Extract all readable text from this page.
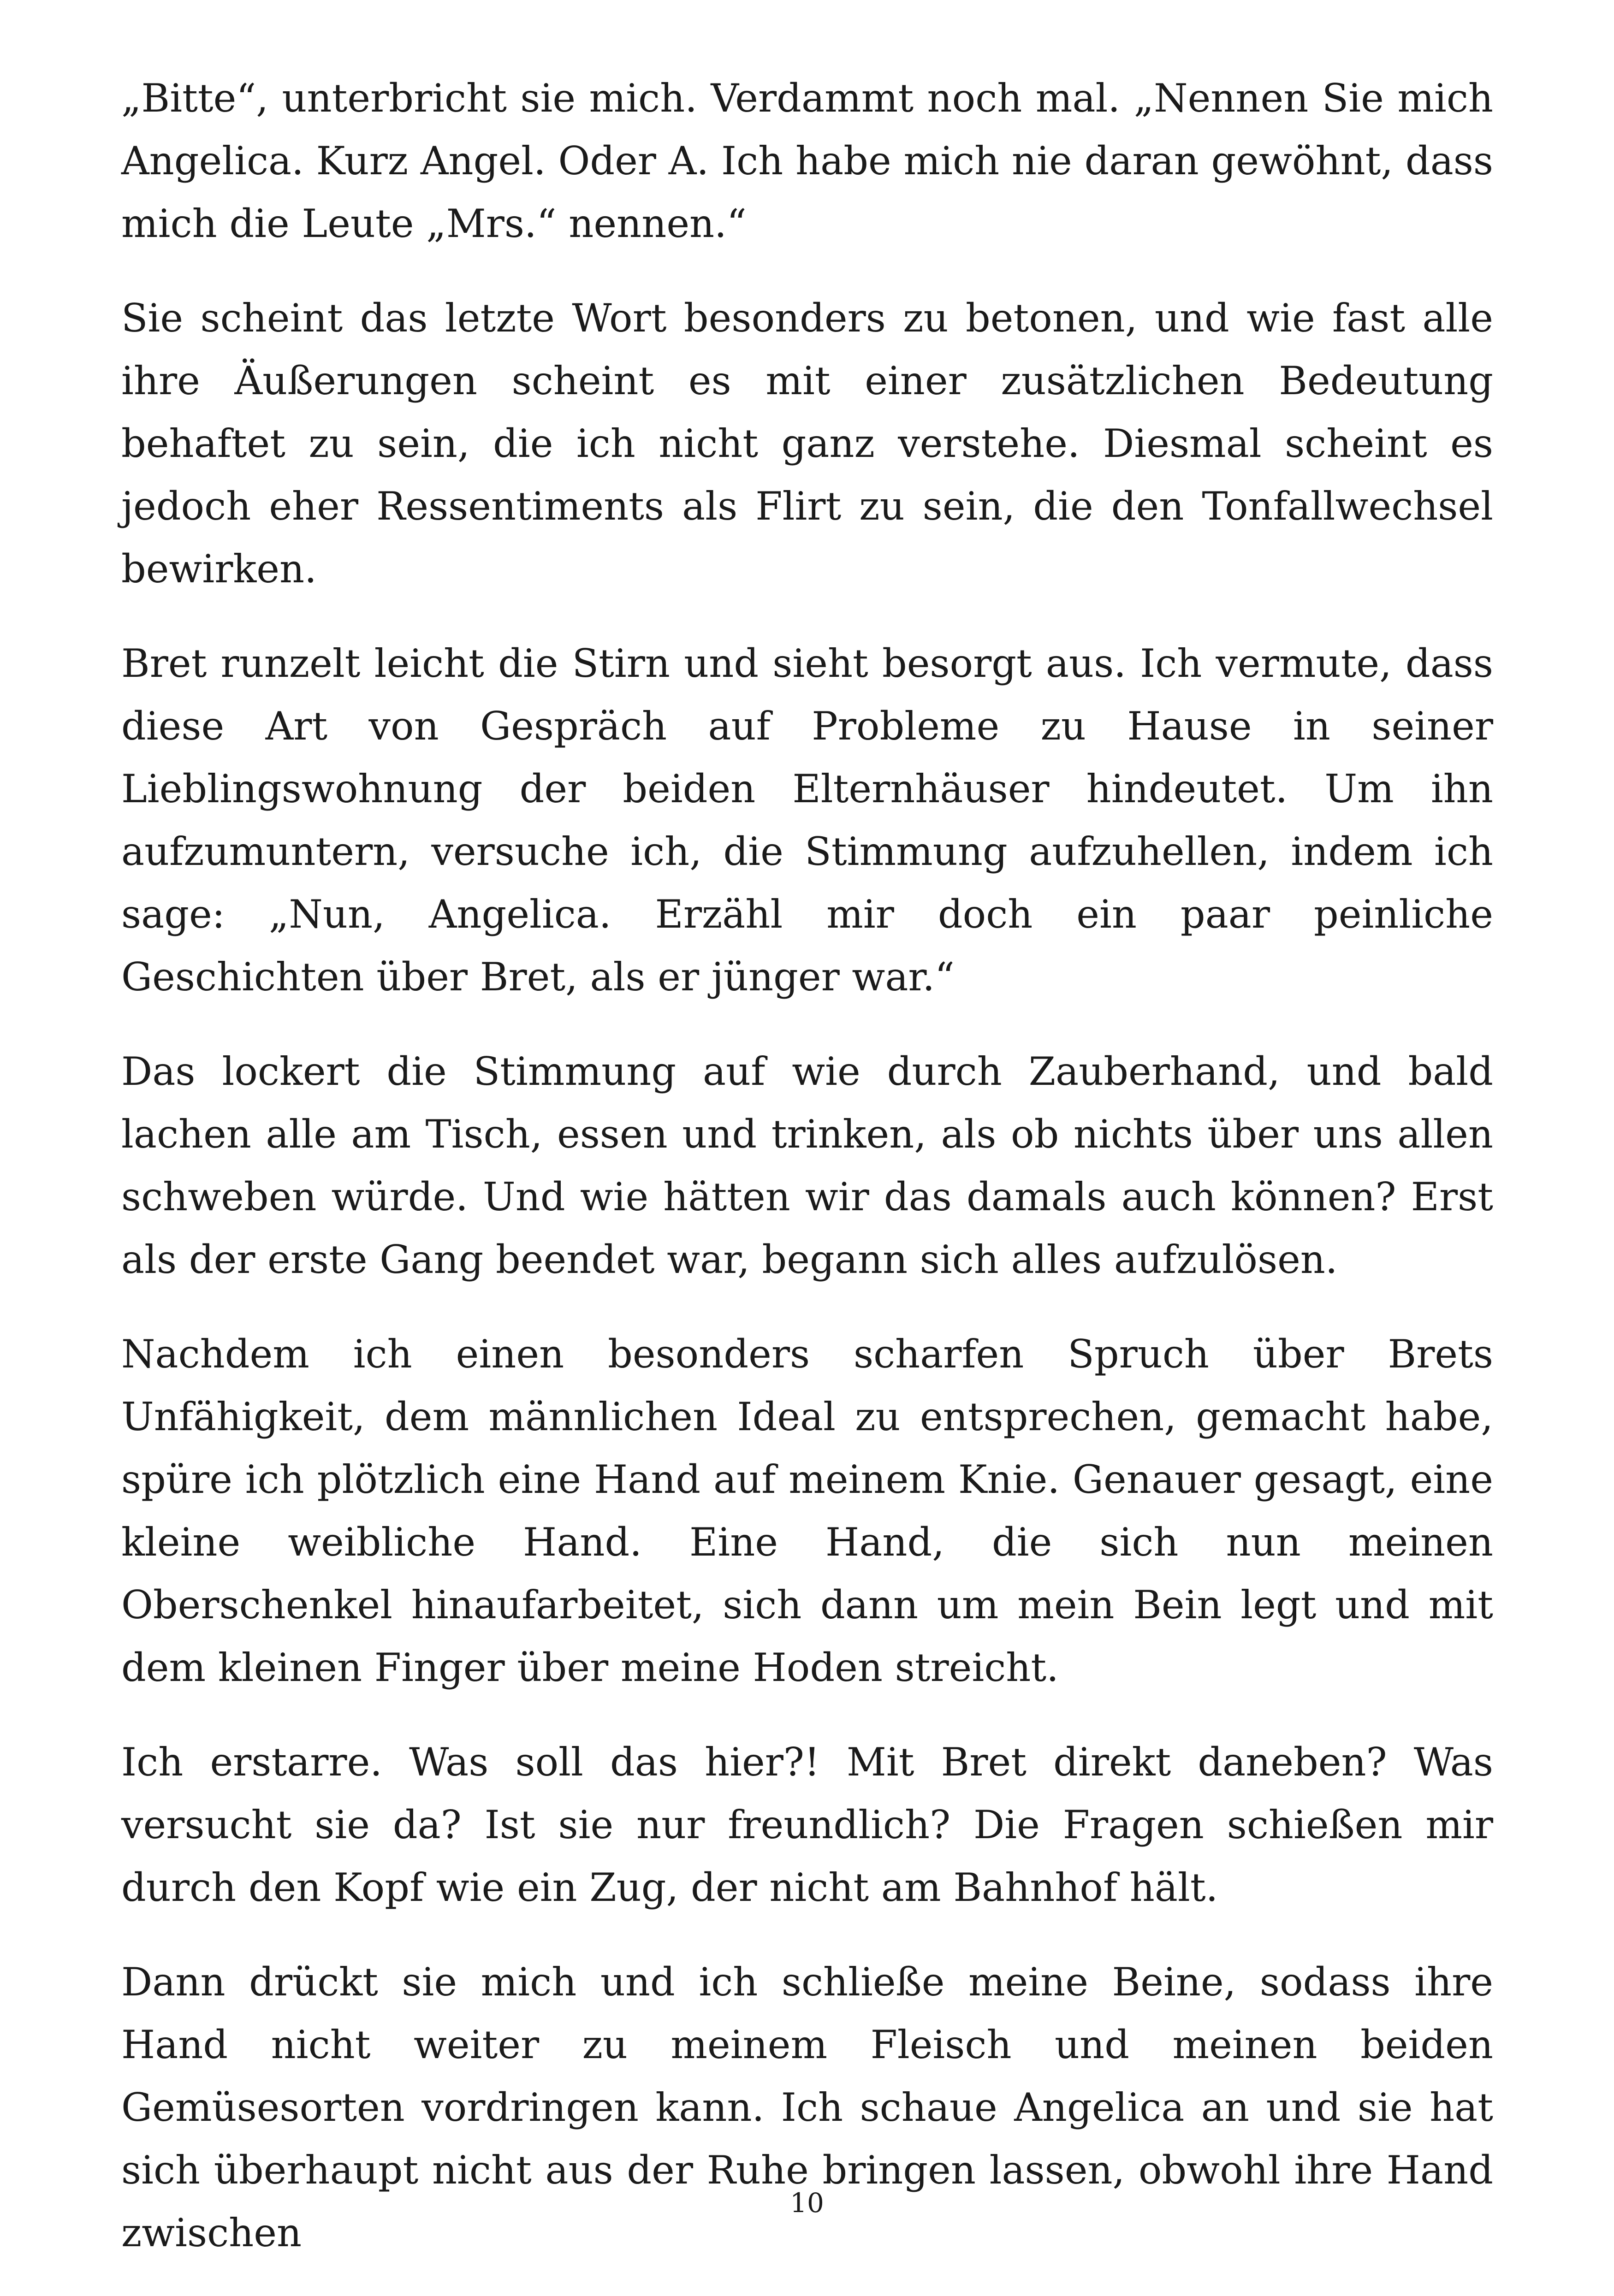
„Bitte“, unterbricht sie mich. Verdammt noch mal. „Nennen Sie mich Angelica. Kurz Angel. Oder A. Ich habe mich nie daran gewöhnt, dass mich die Leute „Mrs.“ nennen.“

Sie scheint das letzte Wort besonders zu betonen, und wie fast alle ihre Äußerungen scheint es mit einer zusätzlichen Bedeutung behaftet zu sein, die ich nicht ganz verstehe. Diesmal scheint es jedoch eher Ressentiments als Flirt zu sein, die den Tonfallwechsel bewirken.

Bret runzelt leicht die Stirn und sieht besorgt aus. Ich vermute, dass diese Art von Gespräch auf Probleme zu Hause in seiner Lieblingswohnung der beiden Elternhäuser hindeutet. Um ihn aufzumuntern, versuche ich, die Stimmung aufzuhellen, indem ich sage: „Nun, Angelica. Erzähl mir doch ein paar peinliche Geschichten über Bret, als er jünger war.“

Das lockert die Stimmung auf wie durch Zauberhand, und bald lachen alle am Tisch, essen und trinken, als ob nichts über uns allen schweben würde. Und wie hätten wir das damals auch können? Erst als der erste Gang beendet war, begann sich alles aufzulösen.

Nachdem ich einen besonders scharfen Spruch über Brets Unfähigkeit, dem männlichen Ideal zu entsprechen, gemacht habe, spüre ich plötzlich eine Hand auf meinem Knie. Genauer gesagt, eine kleine weibliche Hand. Eine Hand, die sich nun meinen Oberschenkel hinaufarbeitet, sich dann um mein Bein legt und mit dem kleinen Finger über meine Hoden streicht.

Ich erstarre. Was soll das hier?! Mit Bret direkt daneben? Was versucht sie da? Ist sie nur freundlich? Die Fragen schießen mir durch den Kopf wie ein Zug, der nicht am Bahnhof hält.

Dann drückt sie mich und ich schließe meine Beine, sodass ihre Hand nicht weiter zu meinem Fleisch und meinen beiden Gemüsesorten vordringen kann. Ich schaue Angelica an und sie hat sich überhaupt nicht aus der Ruhe bringen lassen, obwohl ihre Hand zwischen

10
